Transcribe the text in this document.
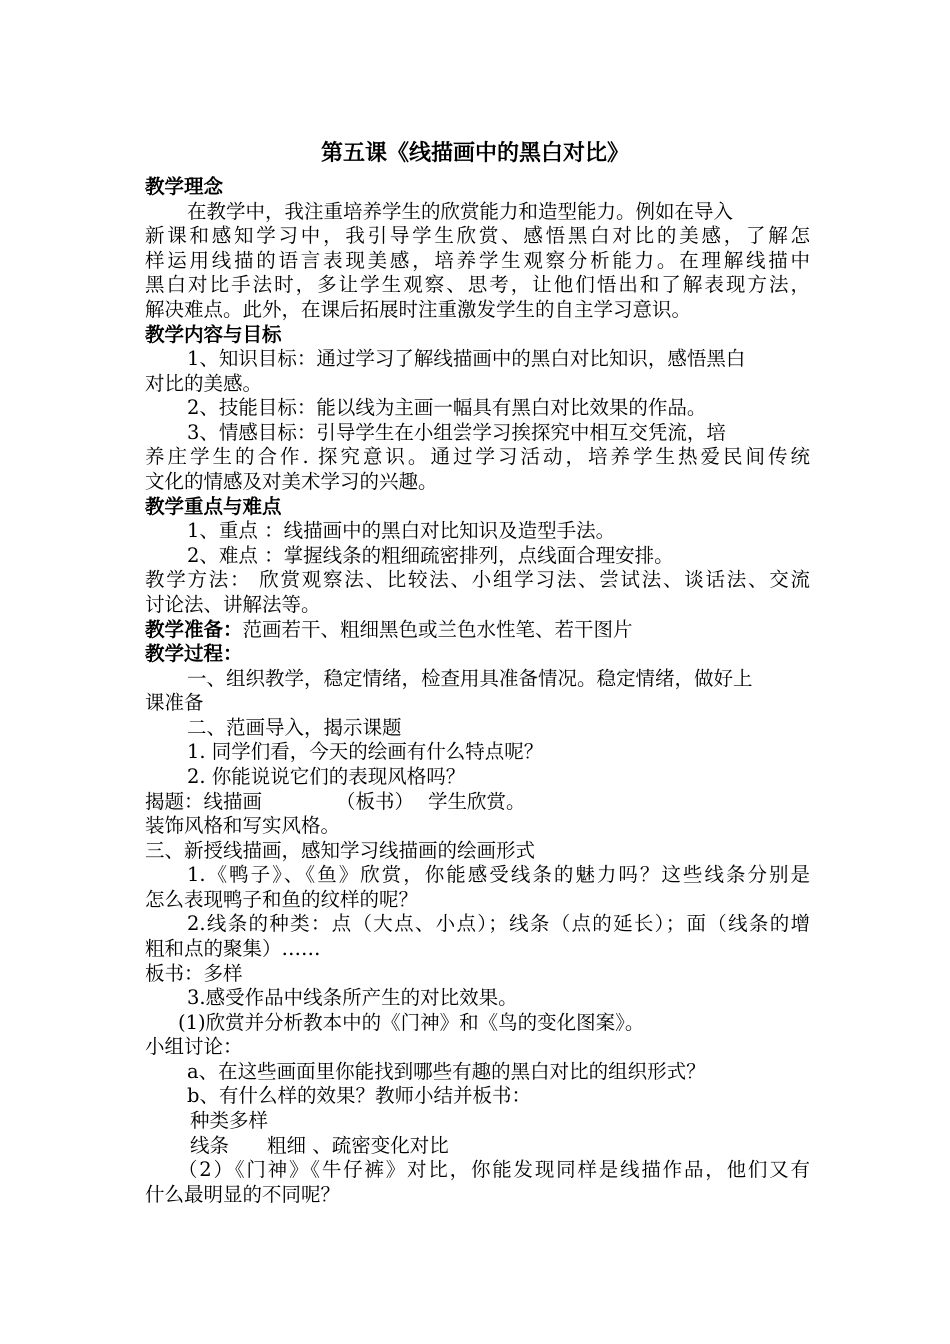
第五课《线描画中的黑白对比》
教学理念
在教学中，我注重培养学生的欣赏能力和造型能力。例如在导入
新课和感知学习中，我引导学生欣赏、感悟黑白对比的美感，了解怎
样运用线描的语言表现美感，培养学生观察分析能力。在理解线描中
黑白对比手法时，多让学生观察、思考，让他们悟出和了解表现方法，
解决难点。此外，在课后拓展时注重激发学生的自主学习意识。
教学内容与目标
1、知识目标：通过学习了解线描画中的黑白对比知识，感悟黑白
对比的美感。
2、技能目标：能以线为主画一幅具有黑白对比效果的作品。
3、情感目标：引导学生在小组尝学习挨探究中相互交凭流，培
养庄学生的合作. 探究意识。通过学习活动，培养学生热爱民间传统
文化的情感及对美术学习的兴趣。
教学重点与难点
1、重点 ：线描画中的黑白对比知识及造型手法。
2、难点 ：掌握线条的粗细疏密排列，点线面合理安排。
教学方法： 欣赏观察法、比较法、小组学习法、尝试法、谈话法、交流
讨论法、讲解法等。
教学准备：范画若干、粗细黑色或兰色水性笔、若干图片
教学过程：
一、组织教学，稳定情绪，检查用具准备情况。稳定情绪，做好上
课准备
二、范画导入，揭示课题
1. 同学们看，今天的绘画有什么特点呢？
2. 你能说说它们的表现风格吗？
揭题：线描画	（板书） 学生欣赏。
装饰风格和写实风格。
三、新授线描画，感知学习线描画的绘画形式
1.《鸭子》、《鱼》欣赏，你能感受线条的魅力吗？这些线条分别是
怎么表现鸭子和鱼的纹样的呢？
2.线条的种类：点（大点、小点）；线条（点的延长）；面（线条的增
粗和点的聚集）……
板书：多样
3.感受作品中线条所产生的对比效果。
(1)欣赏并分析教本中的《门神》和《鸟的变化图案》。
小组讨论：
a、在这些画面里你能找到哪些有趣的黑白对比的组织形式？
b、有什么样的效果？教师小结并板书：
种类多样
线条 粗细 、疏密变化对比
（2）《门神》《牛仔裤》对比，你能发现同样是线描作品，他们又有
什么最明显的不同呢？
